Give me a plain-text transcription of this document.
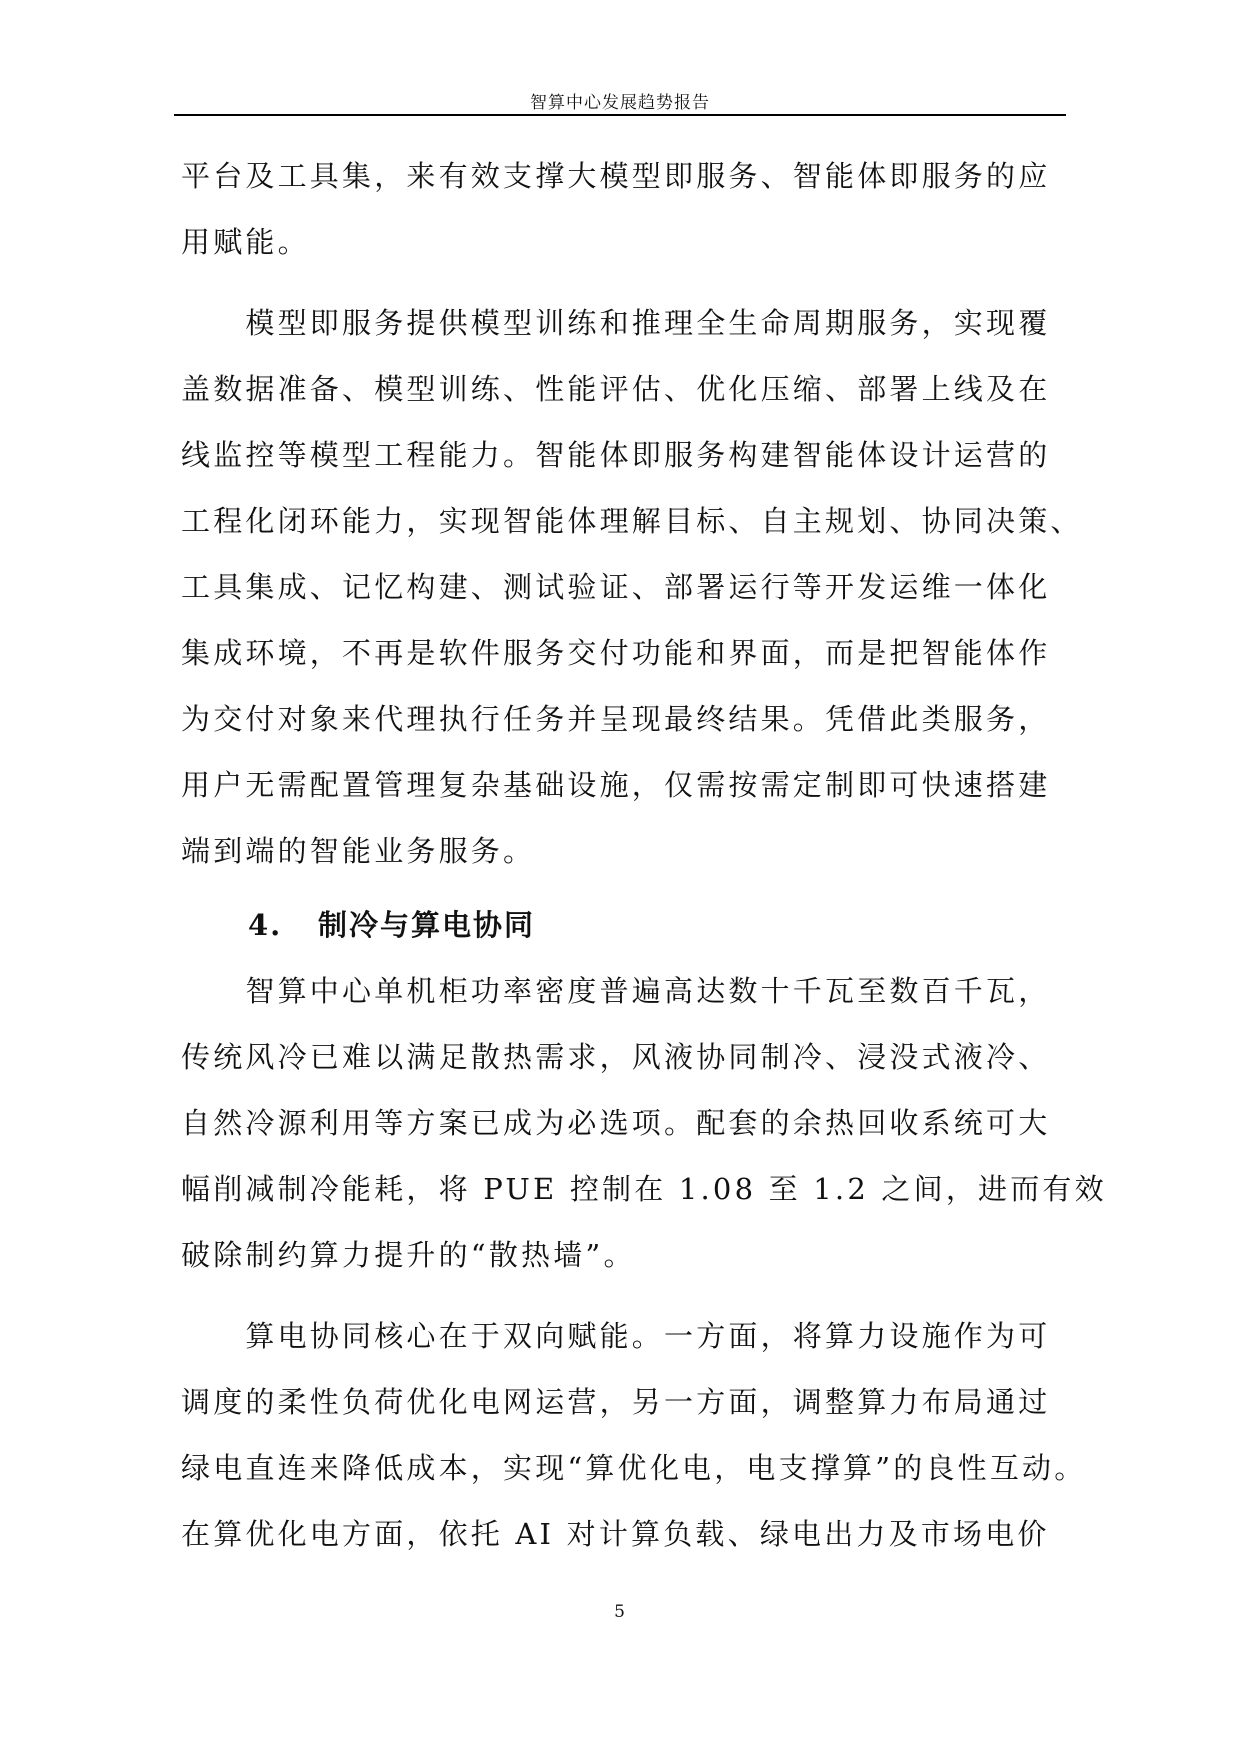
智算中心发展趋势报告
平台及工具集，来有效支撑大模型即服务、智能体即服务的应
用赋能。
　　模型即服务提供模型训练和推理全生命周期服务，实现覆
盖数据准备、模型训练、性能评估、优化压缩、部署上线及在
线监控等模型工程能力。智能体即服务构建智能体设计运营的
工程化闭环能力，实现智能体理解目标、自主规划、协同决策、
工具集成、记忆构建、测试验证、部署运行等开发运维一体化
集成环境，不再是软件服务交付功能和界面，而是把智能体作
为交付对象来代理执行任务并呈现最终结果。凭借此类服务，
用户无需配置管理复杂基础设施，仅需按需定制即可快速搭建
端到端的智能业务服务。
4. 制冷与算电协同
　　智算中心单机柜功率密度普遍高达数十千瓦至数百千瓦，
传统风冷已难以满足散热需求，风液协同制冷、浸没式液冷、
自然冷源利用等方案已成为必选项。配套的余热回收系统可大
幅削减制冷能耗，将 PUE 控制在 1.08 至 1.2 之间，进而有效
破除制约算力提升的“散热墙”。
　　算电协同核心在于双向赋能。一方面，将算力设施作为可
调度的柔性负荷优化电网运营，另一方面，调整算力布局通过
绿电直连来降低成本，实现“算优化电，电支撑算”的良性互动。
在算优化电方面，依托 AI 对计算负载、绿电出力及市场电价
5
